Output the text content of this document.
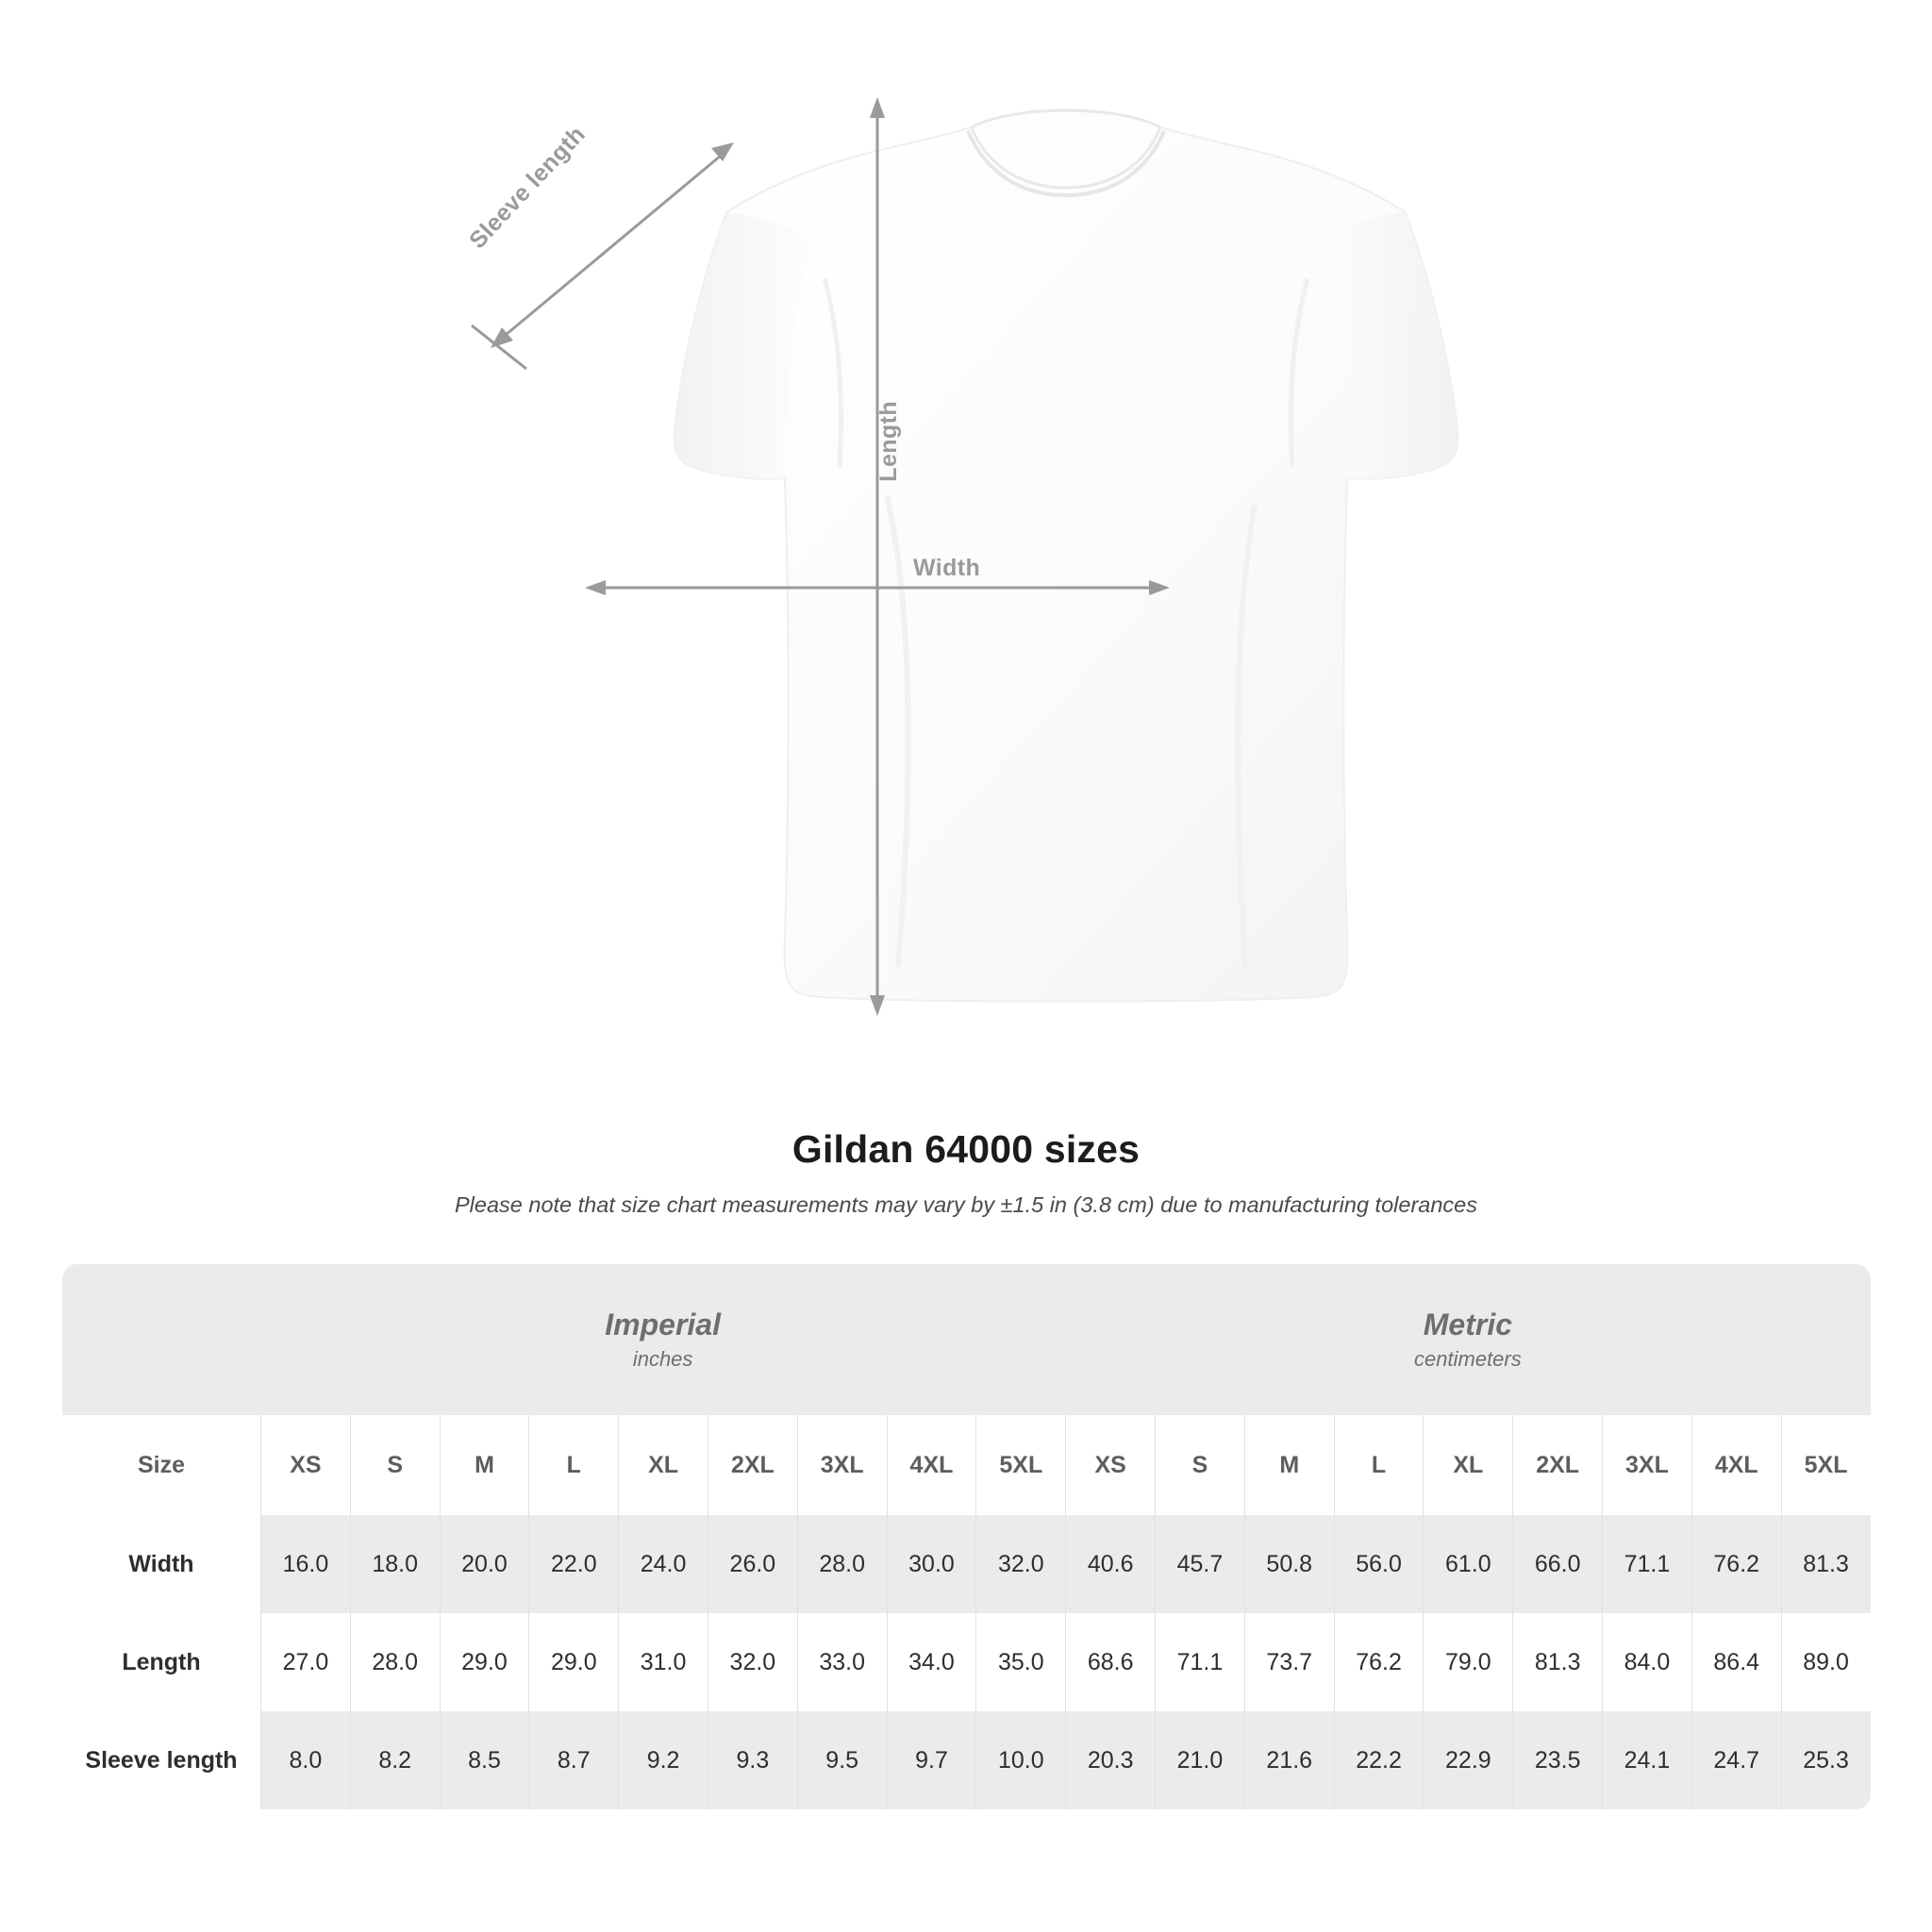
Length
Width
Sleeve length
Gildan 64000 sizes

Please note that size chart measurements may vary by ±1.5 in (3.8 cm) due to manufacturing tolerances

Imperial
inches

Metric
centimeters

Size	XS	S	M	L	XL	2XL	3XL	4XL	5XL	XS	S	M	L	XL	2XL	3XL	4XL	5XL

Width	16.0	18.0	20.0	22.0	24.0	26.0	28.0	30.0	32.0	40.6	45.7	50.8	56.0	61.0	66.0	71.1	76.2	81.3

Length	27.0	28.0	29.0	29.0	31.0	32.0	33.0	34.0	35.0	68.6	71.1	73.7	76.2	79.0	81.3	84.0	86.4	89.0

Sleeve length	8.0	8.2	8.5	8.7	9.2	9.3	9.5	9.7	10.0	20.3	21.0	21.6	22.2	22.9	23.5	24.1	24.7	25.3
